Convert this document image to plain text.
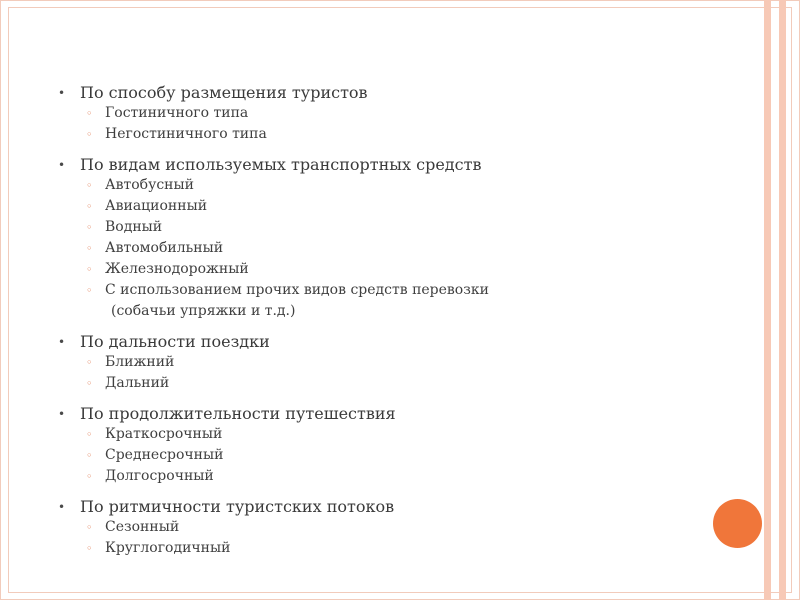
• По способу размещения туристов
◦ Гостиничного типа
◦ Негостиничного типа
• По видам используемых транспортных средств
◦ Автобусный
◦ Авиационный
◦ Водный
◦ Автомобильный
◦ Железнодорожный
◦ С использованием прочих видов средств перевозки
(собачьи упряжки и т.д.)
• По дальности поездки
◦ Ближний
◦ Дальний
• По продолжительности путешествия
◦ Краткосрочный
◦ Среднесрочный
◦ Долгосрочный
• По ритмичности туристских потоков
◦ Сезонный
◦ Круглогодичный
